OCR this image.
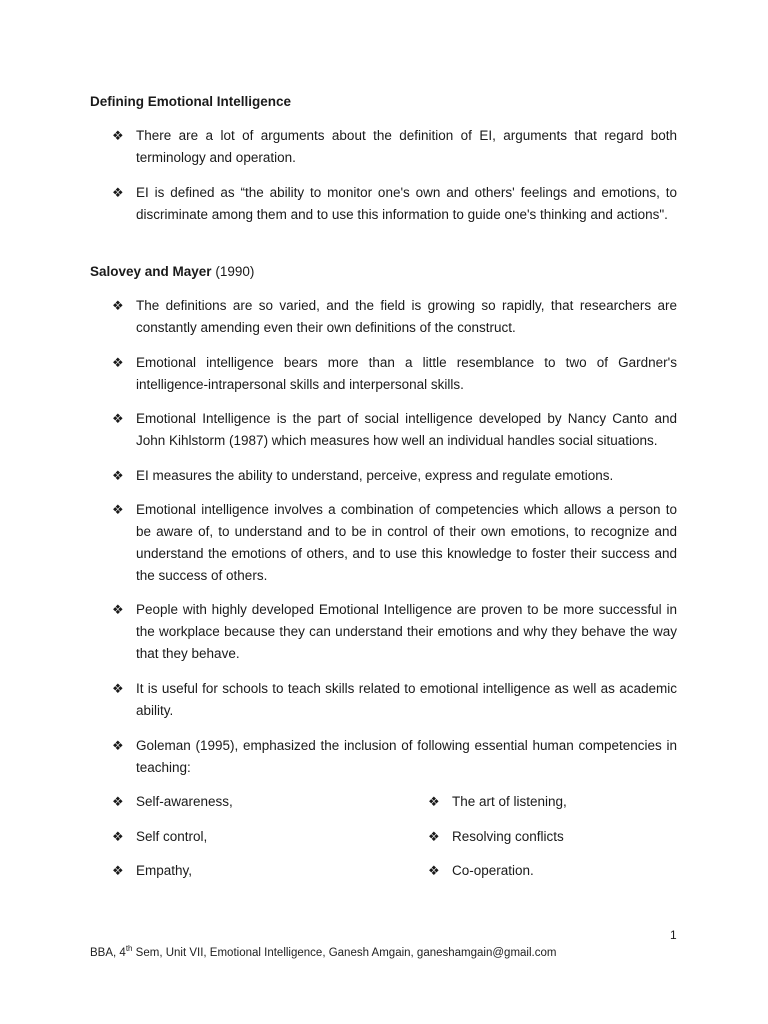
Defining Emotional Intelligence
❖ There are a lot of arguments about the definition of EI, arguments that regard both terminology and operation.
❖ EI is defined as “the ability to monitor one's own and others' feelings and emotions, to discriminate among them and to use this information to guide one's thinking and actions".
Salovey and Mayer (1990)
❖ The definitions are so varied, and the field is growing so rapidly, that researchers are constantly amending even their own definitions of the construct.
❖ Emotional intelligence bears more than a little resemblance to two of Gardner's intelligence-intrapersonal skills and interpersonal skills.
❖ Emotional Intelligence is the part of social intelligence developed by Nancy Canto and John Kihlstorm (1987) which measures how well an individual handles social situations.
❖ EI measures the ability to understand, perceive, express and regulate emotions.
❖ Emotional intelligence involves a combination of competencies which allows a person to be aware of, to understand and to be in control of their own emotions, to recognize and understand the emotions of others, and to use this knowledge to foster their success and the success of others.
❖ People with highly developed Emotional Intelligence are proven to be more successful in the workplace because they can understand their emotions and why they behave the way that they behave.
❖ It is useful for schools to teach skills related to emotional intelligence as well as academic ability.
❖ Goleman (1995), emphasized the inclusion of following essential human competencies in teaching:
❖ Self-awareness,	❖ The art of listening,
❖ Self control,	❖ Resolving conflicts
❖ Empathy,	❖ Co-operation.
1
BBA, 4th Sem, Unit VII, Emotional Intelligence, Ganesh Amgain, ganeshamgain@gmail.com
